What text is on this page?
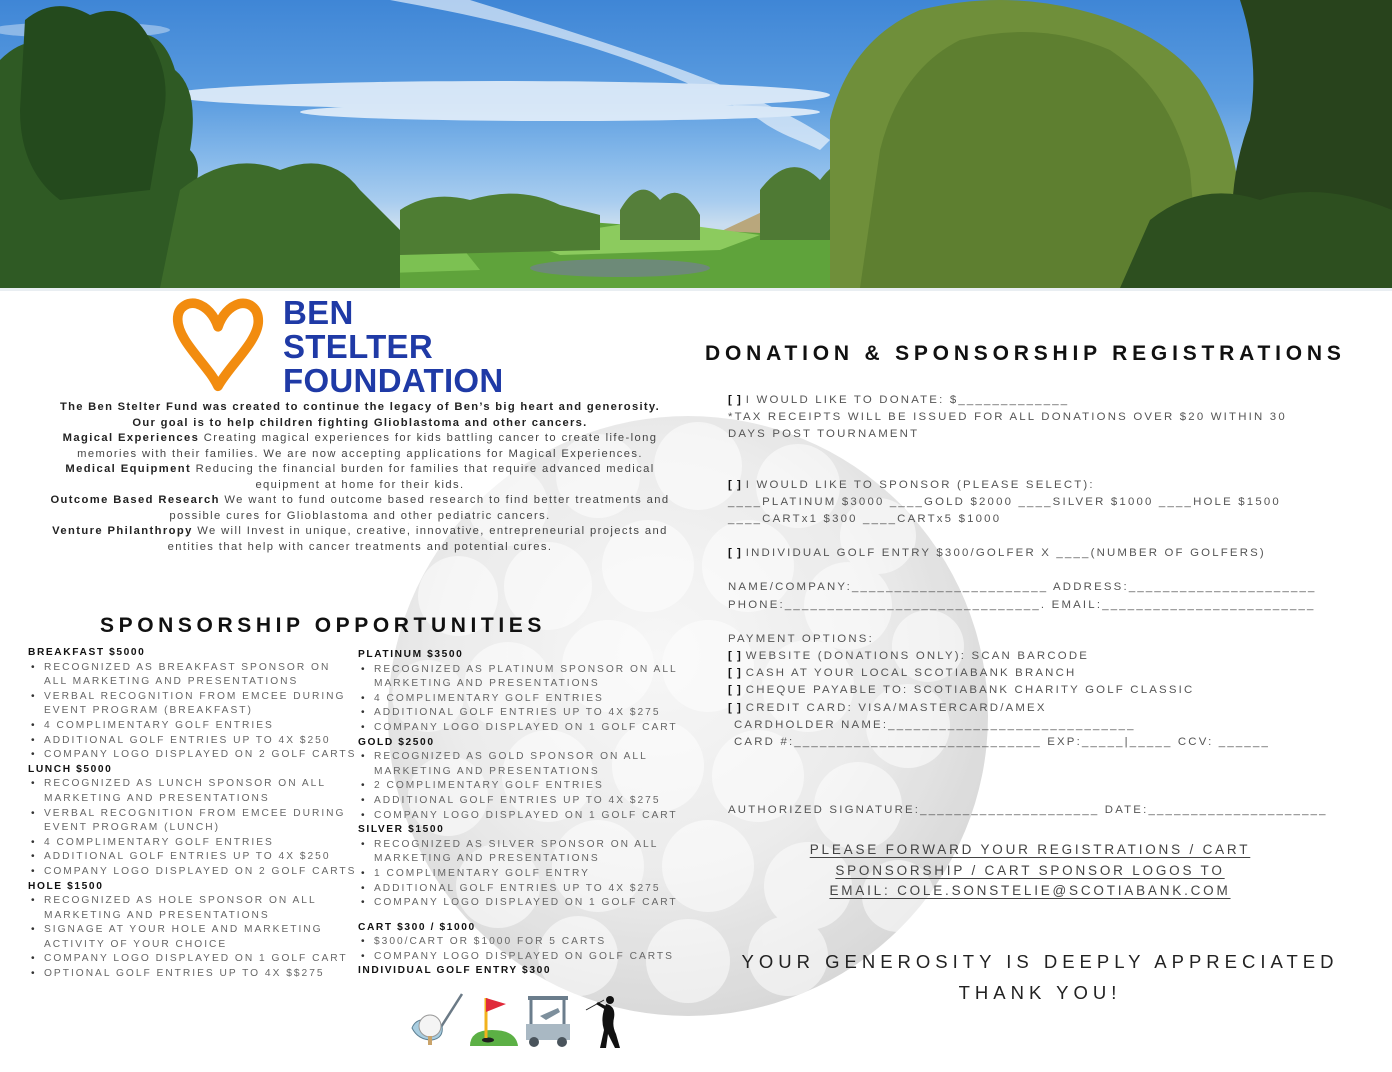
BEN
STELTER
FOUNDATION

The Ben Stelter Fund was created to continue the legacy of Ben’s big heart and generosity. Our goal is to help children fighting Glioblastoma and other cancers.

Magical Experiences Creating magical experiences for kids battling cancer to create life-long memories with their families. We are now accepting applications for Magical Experiences.

Medical Equipment Reducing the financial burden for families that require advanced medical equipment at home for their kids.

Outcome Based Research We want to fund outcome based research to find better treatments and possible cures for Glioblastoma and other pediatric cancers.

Venture Philanthropy We will Invest in unique, creative, innovative, entrepreneurial projects and entities that help with cancer treatments and potential cures.

SPONSORSHIP OPPORTUNITIES
BREAKFAST $5000
• RECOGNIZED AS BREAKFAST SPONSOR ON ALL MARKETING AND PRESENTATIONS
• VERBAL RECOGNITION FROM EMCEE DURING EVENT PROGRAM (BREAKFAST)
• 4 COMPLIMENTARY GOLF ENTRIES
• ADDITIONAL GOLF ENTRIES UP TO 4X $250
• COMPANY LOGO DISPLAYED ON 2 GOLF CARTS
LUNCH $5000
• RECOGNIZED AS LUNCH SPONSOR ON ALL MARKETING AND PRESENTATIONS
• VERBAL RECOGNITION FROM EMCEE DURING EVENT PROGRAM (LUNCH)
• 4 COMPLIMENTARY GOLF ENTRIES
• ADDITIONAL GOLF ENTRIES UP TO 4X $250
• COMPANY LOGO DISPLAYED ON 2 GOLF CARTS
HOLE $1500
• RECOGNIZED AS HOLE SPONSOR ON ALL MARKETING AND PRESENTATIONS
• SIGNAGE AT YOUR HOLE AND MARKETING ACTIVITY OF YOUR CHOICE
• COMPANY LOGO DISPLAYED ON 1 GOLF CART
• OPTIONAL GOLF ENTRIES UP TO 4X $$275
PLATINUM $3500
• RECOGNIZED AS PLATINUM SPONSOR ON ALL MARKETING AND PRESENTATIONS
• 4 COMPLIMENTARY GOLF ENTRIES
• ADDITIONAL GOLF ENTRIES UP TO 4X $275
• COMPANY LOGO DISPLAYED ON 1 GOLF CART
GOLD $2500
• RECOGNIZED AS GOLD SPONSOR ON ALL MARKETING AND PRESENTATIONS
• 2 COMPLIMENTARY GOLF ENTRIES
• ADDITIONAL GOLF ENTRIES UP TO 4X $275
• COMPANY LOGO DISPLAYED ON 1 GOLF CART
SILVER $1500
• RECOGNIZED AS SILVER SPONSOR ON ALL MARKETING AND PRESENTATIONS
• 1 COMPLIMENTARY GOLF ENTRY
• ADDITIONAL GOLF ENTRIES UP TO 4X $275
• COMPANY LOGO DISPLAYED ON 1 GOLF CART
CART $300 / $1000
• $300/CART OR $1000 FOR 5 CARTS
• COMPANY LOGO DISPLAYED ON GOLF CARTS
INDIVIDUAL GOLF ENTRY $300
DONATION & SPONSORSHIP REGISTRATIONS
[ ] I WOULD LIKE TO DONATE: $_____________
*TAX RECEIPTS WILL BE ISSUED FOR ALL DONATIONS OVER $20 WITHIN 30
DAYS POST TOURNAMENT
[ ] I WOULD LIKE TO SPONSOR (PLEASE SELECT):
____PLATINUM $3000 ____GOLD $2000 ____SILVER $1000 ____HOLE $1500
____CARTx1 $300 ____CARTx5 $1000
[ ] INDIVIDUAL GOLF ENTRY $300/GOLFER X ____(NUMBER OF GOLFERS)
NAME/COMPANY:_______________________ ADDRESS:______________________
PHONE:______________________________. EMAIL:_________________________
PAYMENT OPTIONS:
[ ] WEBSITE (DONATIONS ONLY): SCAN BARCODE
[ ] CASH AT YOUR LOCAL SCOTIABANK BRANCH
[ ] CHEQUE PAYABLE TO: SCOTIABANK CHARITY GOLF CLASSIC
[ ] CREDIT CARD: VISA/MASTERCARD/AMEX
CARDHOLDER NAME:_____________________________
CARD #:_____________________________ EXP:_____|_____ CCV: ______
AUTHORIZED SIGNATURE:_____________________ DATE:_____________________
PLEASE FORWARD YOUR REGISTRATIONS / CART
SPONSORSHIP / CART SPONSOR LOGOS TO
EMAIL: COLE.SONSTELIE@SCOTIABANK.COM
YOUR GENEROSITY IS DEEPLY APPRECIATED
THANK YOU!
